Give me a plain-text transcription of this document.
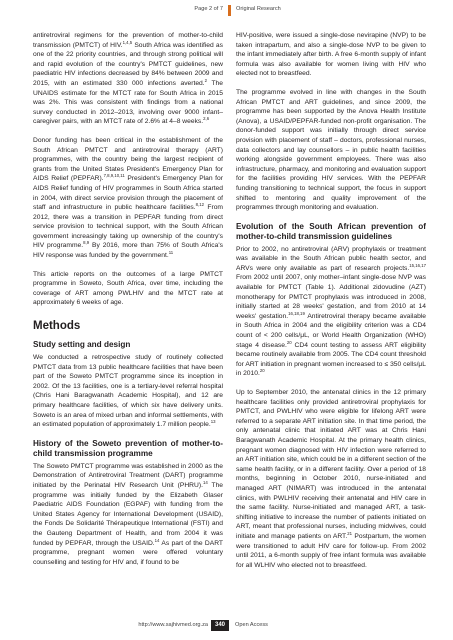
Page 2 of 7 Original Research

antiretroviral regimens for the prevention of mother-to-child transmission (PMTCT) of HIV.$^{1,4,5}$ South Africa was identified as one of the 22 priority countries, and through strong political will and rapid evolution of the country's PMTCT guidelines, new paediatric HIV infections decreased by 84% between 2009 and 2015, with an estimated 330 000 infections averted.$^2$ The UNAIDS estimate for the MTCT rate for South Africa in 2015 was 2%. This was consistent with findings from a national survey conducted in 2012–2013, involving over 9000 infant–caregiver pairs, with an MTCT rate of 2.6% at 4–8 weeks.$^{2,6}$

Donor funding has been critical in the establishment of the South African PMTCT and antiretroviral therapy (ART) programmes, with the country being the largest recipient of grants from the United States President's Emergency Plan for AIDS Relief (PEPFAR).$^{7,8,9,10,11}$ President's Emergency Plan for AIDS Relief funding of HIV programmes in South Africa started in 2004, with direct service provision through the placement of staff and infrastructure in public healthcare facilities.$^{8,12}$ From 2012, there was a transition in PEPFAR funding from direct service provision to technical support, with the South African government increasingly taking up ownership of the country's HIV programme.$^{8,9}$ By 2016, more than 75% of South Africa's HIV response was funded by the government.$^{11}$

This article reports on the outcomes of a large PMTCT programme in Soweto, South Africa, over time, including the coverage of ART among PWLHIV and the MTCT rate at approximately 6 weeks of age.

Methods
Study setting and design

We conducted a retrospective study of routinely collected PMTCT data from 13 public healthcare facilities that have been part of the Soweto PMTCT programme since its inception in 2002. Of the 13 facilities, one is a tertiary-level referral hospital (Chris Hani Baragwanath Academic Hospital), and 12 are primary healthcare facilities, of which six have delivery units. Soweto is an area of mixed urban and informal settlements, with an estimated population of approximately 1.7 million people.$^{13}$

History of the Soweto prevention of mother-to-child transmission programme

The Soweto PMTCT programme was established in 2000 as the Demonstration of Antiretroviral Treatment (DART) programme initiated by the Perinatal HIV Research Unit (PHRU).$^{14}$ The programme was initially funded by the Elizabeth Glaser Paediatric AIDS Foundation (EGPAF) with funding from the United States Agency for International Development (USAID), the Fonds De Solidarité Thérapeutique International (FSTI) and the Gauteng Department of Health, and from 2004 it was funded by PEPFAR, through the USAID.$^{14}$ As part of the DART programme, pregnant women were offered voluntary counselling and testing for HIV and, if found to be

HIV-positive, were issued a single-dose nevirapine (NVP) to be taken intrapartum, and also a single-dose NVP to be given to the infant immediately after birth. A free 6-month supply of infant formula was also available for women living with HIV who elected not to breastfeed.

The programme evolved in line with changes in the South African PMTCT and ART guidelines, and since 2009, the programme has been supported by the Anova Health Institute (Anova), a USAID/PEPFAR-funded non-profit organisation. The donor-funded support was initially through direct service provision with placement of staff – doctors, professional nurses, data collectors and lay counsellors – in public health facilities working alongside government employees. There was also infrastructure, pharmacy, and monitoring and evaluation support for the facilities providing HIV services. With the PEPFAR funding transitioning to technical support, the focus in support shifted to mentoring and quality improvement of the programmes through monitoring and evaluation.

Evolution of the South African prevention of mother-to-child transmission guidelines

Prior to 2002, no antiretroviral (ARV) prophylaxis or treatment was available in the South African public health sector, and ARVs were only available as part of research projects.$^{15,16,17}$ From 2002 until 2007, only mother–infant single-dose NVP was available for PMTCT (Table 1). Additional zidovudine (AZT) monotherapy for PMTCT prophylaxis was introduced in 2008, initially started at 28 weeks' gestation, and from 2010 at 14 weeks' gestation.$^{16,18,19}$ Antiretroviral therapy became available in South Africa in 2004 and the eligibility criterion was a CD4 count of < 200 cells/μL, or World Health Organization (WHO) stage 4 disease.$^{20}$ CD4 count testing to assess ART eligibility became routinely available from 2005. The CD4 count threshold for ART initiation in pregnant women increased to ≤ 350 cells/μL in 2010.20

Up to September 2010, the antenatal clinics in the 12 primary healthcare facilities only provided antiretroviral prophylaxis for PMTCT, and PWLHIV who were eligible for lifelong ART were referred to a separate ART initiation site. In that time period, the only antenatal clinic that initiated ART was at Chris Hani Baragwanath Academic Hospital. At the primary health clinics, pregnant women diagnosed with HIV infection were referred to an ART initiation site, which could be in a different section of the same health facility, or in a different facility. Over a period of 18 months, beginning in October 2010, nurse-initiated and managed ART (NIMART) was introduced in the antenatal clinics, with PWLHIV receiving their antenatal and HIV care in the same facility. Nurse-initiated and managed ART, a task-shifting initiative to increase the number of patients initiated on ART, meant that professional nurses, including midwives, could initiate and manage patients on ART.$^{21}$ Postpartum, the women were transitioned to adult HIV care for follow-up. From 2002 until 2011, a 6-month supply of free infant formula was available for all WLHIV who elected not to breastfeed.

http://www.sajhivmed.org.za	340	Open Access
